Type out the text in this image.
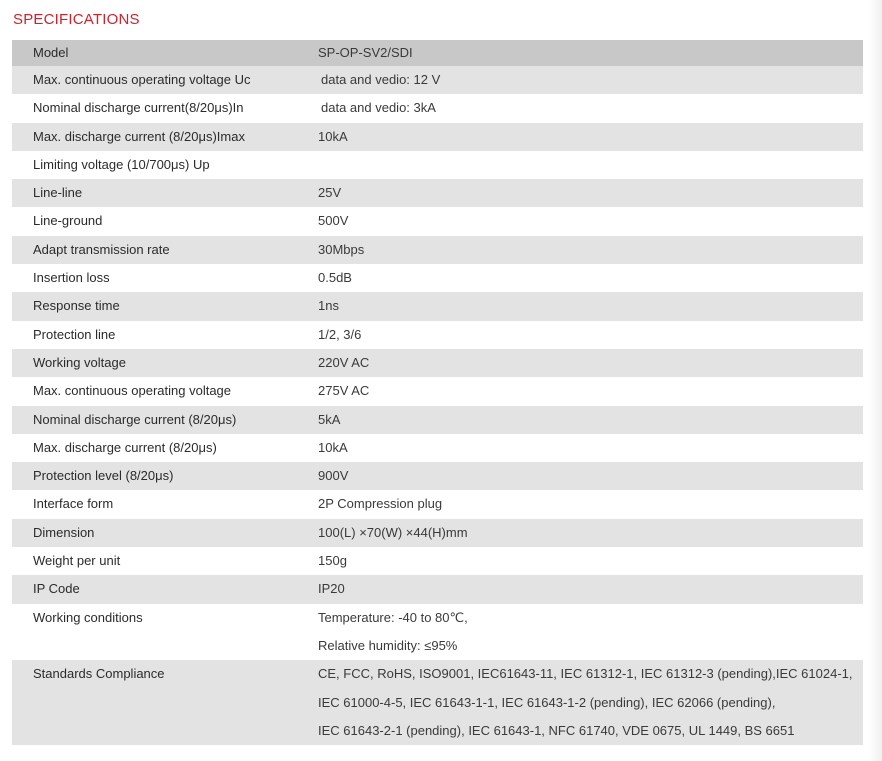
SPECIFICATIONS
Model	SP-OP-SV2/SDI
Max. continuous operating voltage Uc	data and vedio: 12 V
Nominal discharge current(8/20μs)In	data and vedio: 3kA
Max. discharge current (8/20μs)Imax	10kA
Limiting voltage (10/700μs) Up

Line-line	25V
Line-ground	500V
Adapt transmission rate	30Mbps
Insertion loss	0.5dB
Response time	1ns
Protection line	1/2, 3/6
Working voltage	220V AC
Max. continuous operating voltage	275V AC
Nominal discharge current (8/20μs)	5kA
Max. discharge current (8/20μs)	10kA
Protection level (8/20μs)	900V
Interface form	2P Compression plug
Dimension	100(L) ×70(W) ×44(H)mm
Weight per unit	150g
IP Code	IP20
Working conditions	Temperature: -40 to 80℃,
Relative humidity: ≤95%
Standards Compliance	CE, FCC, RoHS, ISO9001, IEC61643-11, IEC 61312-1, IEC 61312-3 (pending),IEC 61024-1,
IEC 61000-4-5, IEC 61643-1-1, IEC 61643-1-2 (pending), IEC 62066 (pending),
IEC 61643-2-1 (pending), IEC 61643-1, NFC 61740, VDE 0675, UL 1449, BS 6651
